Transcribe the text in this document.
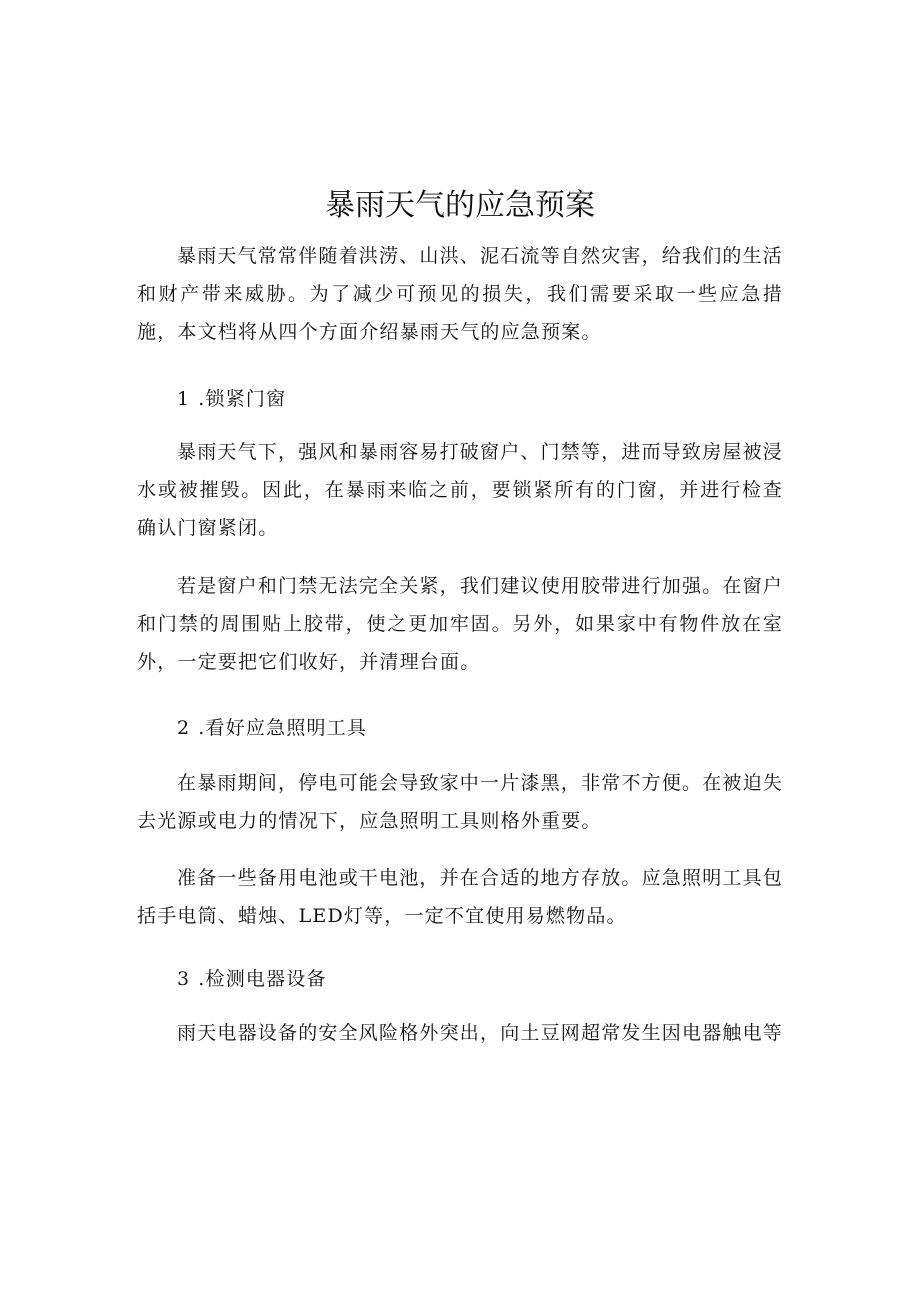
暴雨天气的应急预案

暴雨天气常常伴随着洪涝、山洪、泥石流等自然灾害，给我们的生活和财产带来威胁。为了减少可预见的损失，我们需要采取一些应急措施，本文档将从四个方面介绍暴雨天气的应急预案。

1 .锁紧门窗

暴雨天气下，强风和暴雨容易打破窗户、门禁等，进而导致房屋被浸水或被摧毁。因此，在暴雨来临之前，要锁紧所有的门窗，并进行检查确认门窗紧闭。

若是窗户和门禁无法完全关紧，我们建议使用胶带进行加强。在窗户和门禁的周围贴上胶带，使之更加牢固。另外，如果家中有物件放在室外，一定要把它们收好，并清理台面。

2 .看好应急照明工具

在暴雨期间，停电可能会导致家中一片漆黑，非常不方便。在被迫失去光源或电力的情况下，应急照明工具则格外重要。

准备一些备用电池或干电池，并在合适的地方存放。应急照明工具包括手电筒、蜡烛、LED灯等，一定不宜使用易燃物品。

3 .检测电器设备

雨天电器设备的安全风险格外突出，向土豆网超常发生因电器触电等
